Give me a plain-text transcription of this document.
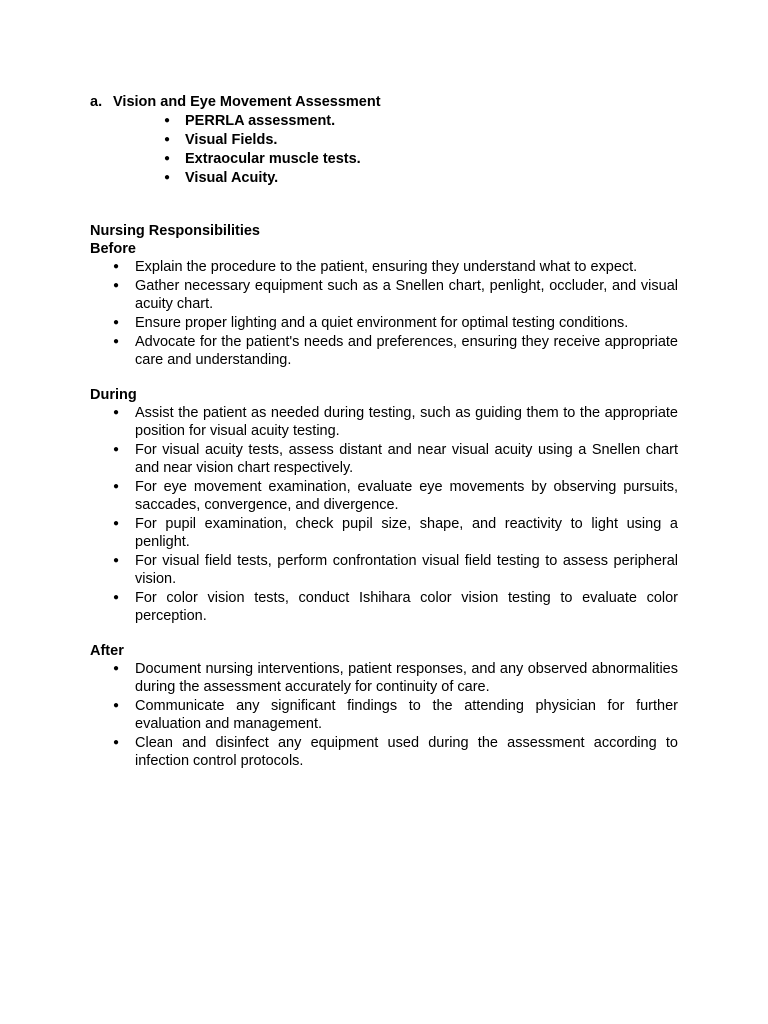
a. Vision and Eye Movement Assessment
● PERRLA assessment.
● Visual Fields.
● Extraocular muscle tests.
● Visual Acuity.
Nursing Responsibilities
Before
● Explain the procedure to the patient, ensuring they understand what to expect.
● Gather necessary equipment such as a Snellen chart, penlight, occluder, and visual acuity chart.
● Ensure proper lighting and a quiet environment for optimal testing conditions.
● Advocate for the patient's needs and preferences, ensuring they receive appropriate care and understanding.
During
● Assist the patient as needed during testing, such as guiding them to the appropriate position for visual acuity testing.
● For visual acuity tests, assess distant and near visual acuity using a Snellen chart and near vision chart respectively.
● For eye movement examination, evaluate eye movements by observing pursuits, saccades, convergence, and divergence.
● For pupil examination, check pupil size, shape, and reactivity to light using a penlight.
● For visual field tests, perform confrontation visual field testing to assess peripheral vision.
● For color vision tests, conduct Ishihara color vision testing to evaluate color perception.
After
● Document nursing interventions, patient responses, and any observed abnormalities during the assessment accurately for continuity of care.
● Communicate any significant findings to the attending physician for further evaluation and management.
● Clean and disinfect any equipment used during the assessment according to infection control protocols.
